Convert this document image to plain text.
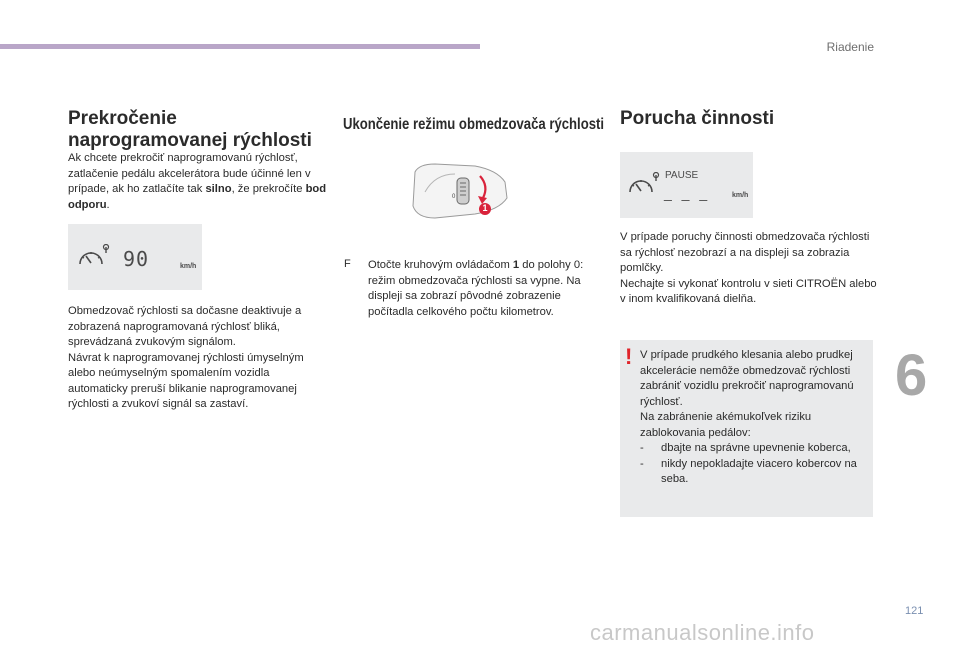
Riadenie
6
121
Prekročenie naprogramovanej rýchlosti

Ak chcete prekročiť naprogramovanú rýchlosť, zatlačenie pedálu akcelerátora bude účinné len v prípade, ak ho zatlačíte tak silno, že prekročíte bod odporu.

90	km/h

Obmedzovač rýchlosti sa dočasne deaktivuje a zobrazená naprogramovaná rýchlosť bliká, sprevádzaná zvukovým signálom.
Návrat k naprogramovanej rýchlosti úmyselným alebo neúmyselným spomalením vozidla automaticky preruší blikanie naprogramovanej rýchlosti a zvukoví signál sa zastaví.

Ukončenie režimu obmedzovača rýchlosti
0
1
F Otočte kruhovým ovládačom 1 do polohy 0: režim obmedzovača rýchlosti sa vypne. Na displeji sa zobrazí pôvodné zobrazenie počítadla celkového počtu kilometrov.

Porucha činnosti
PAUSE
_ _ _	km/h

V prípade poruchy činnosti obmedzovača rýchlosti sa rýchlosť nezobrazí a na displeji sa zobrazia pomlčky.
Nechajte si vykonať kontrolu v sieti CITROËN alebo v inom kvalifikovaná dielňa.

! V prípade prudkého klesania alebo prudkej akcelerácie nemôže obmedzovač rýchlosti zabrániť vozidlu prekročiť naprogramovanú rýchlosť.
Na zabránenie akémukoľvek riziku zablokovania pedálov:
- dbajte na správne upevnenie koberca,
- nikdy nepokladajte viacero kobercov na seba.
carmanualsonline.info
